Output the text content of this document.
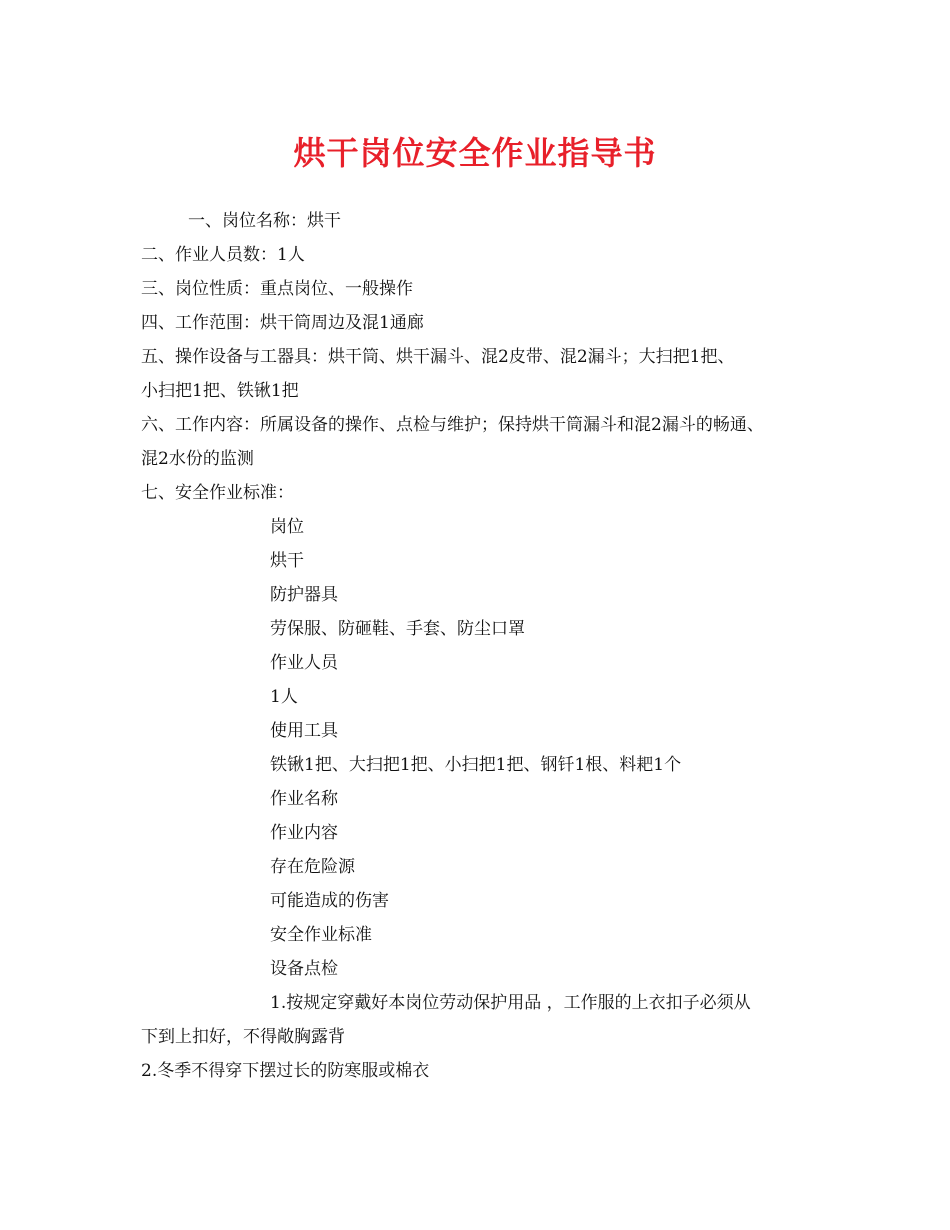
烘干岗位安全作业指导书
一、岗位名称：烘干
二、作业人员数：1人
三、岗位性质：重点岗位、一般操作
四、工作范围：烘干筒周边及混1通廊
五、操作设备与工器具：烘干筒、烘干漏斗、混2皮带、混2漏斗；大扫把1把、
小扫把1把、铁锹1把
六、工作内容：所属设备的操作、点检与维护；保持烘干筒漏斗和混2漏斗的畅通、
混2水份的监测
七、安全作业标准：
岗位
烘干
防护器具
劳保服、防砸鞋、手套、防尘口罩
作业人员
1人
使用工具
铁锹1把、大扫把1把、小扫把1把、钢钎1根、料耙1个
作业名称
作业内容
存在危险源
可能造成的伤害
安全作业标准
设备点检
1.按规定穿戴好本岗位劳动保护用品 ，工作服的上衣扣子必须从
下到上扣好，不得敞胸露背
2.冬季不得穿下摆过长的防寒服或棉衣
